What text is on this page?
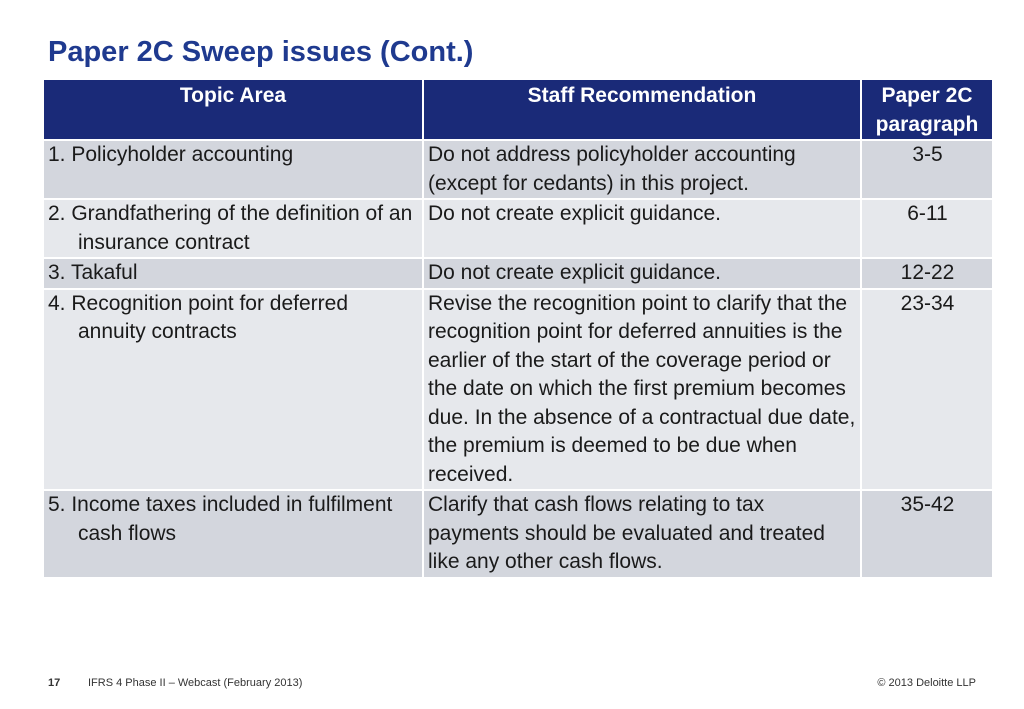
Paper 2C Sweep issues (Cont.)
Topic Area	Staff Recommendation	Paper 2C paragraph

1. Policyholder accounting	Do not address policyholder accounting (except for cedants) in this project.	3-5

2. Grandfathering of the definition of an insurance contract	Do not create explicit guidance.	6-11

3. Takaful	Do not create explicit guidance.	12-22

4. Recognition point for deferred annuity contracts	Revise the recognition point to clarify that the recognition point for deferred annuities is the earlier of the start of the coverage period or the date on which the first premium becomes due. In the absence of a contractual due date, the premium is deemed to be due when received.	23-34

5. Income taxes included in fulfilment cash flows	Clarify that cash flows relating to tax payments should be evaluated and treated like any other cash flows.	35-42
17	IFRS 4 Phase II – Webcast (February 2013)	© 2013 Deloitte LLP
